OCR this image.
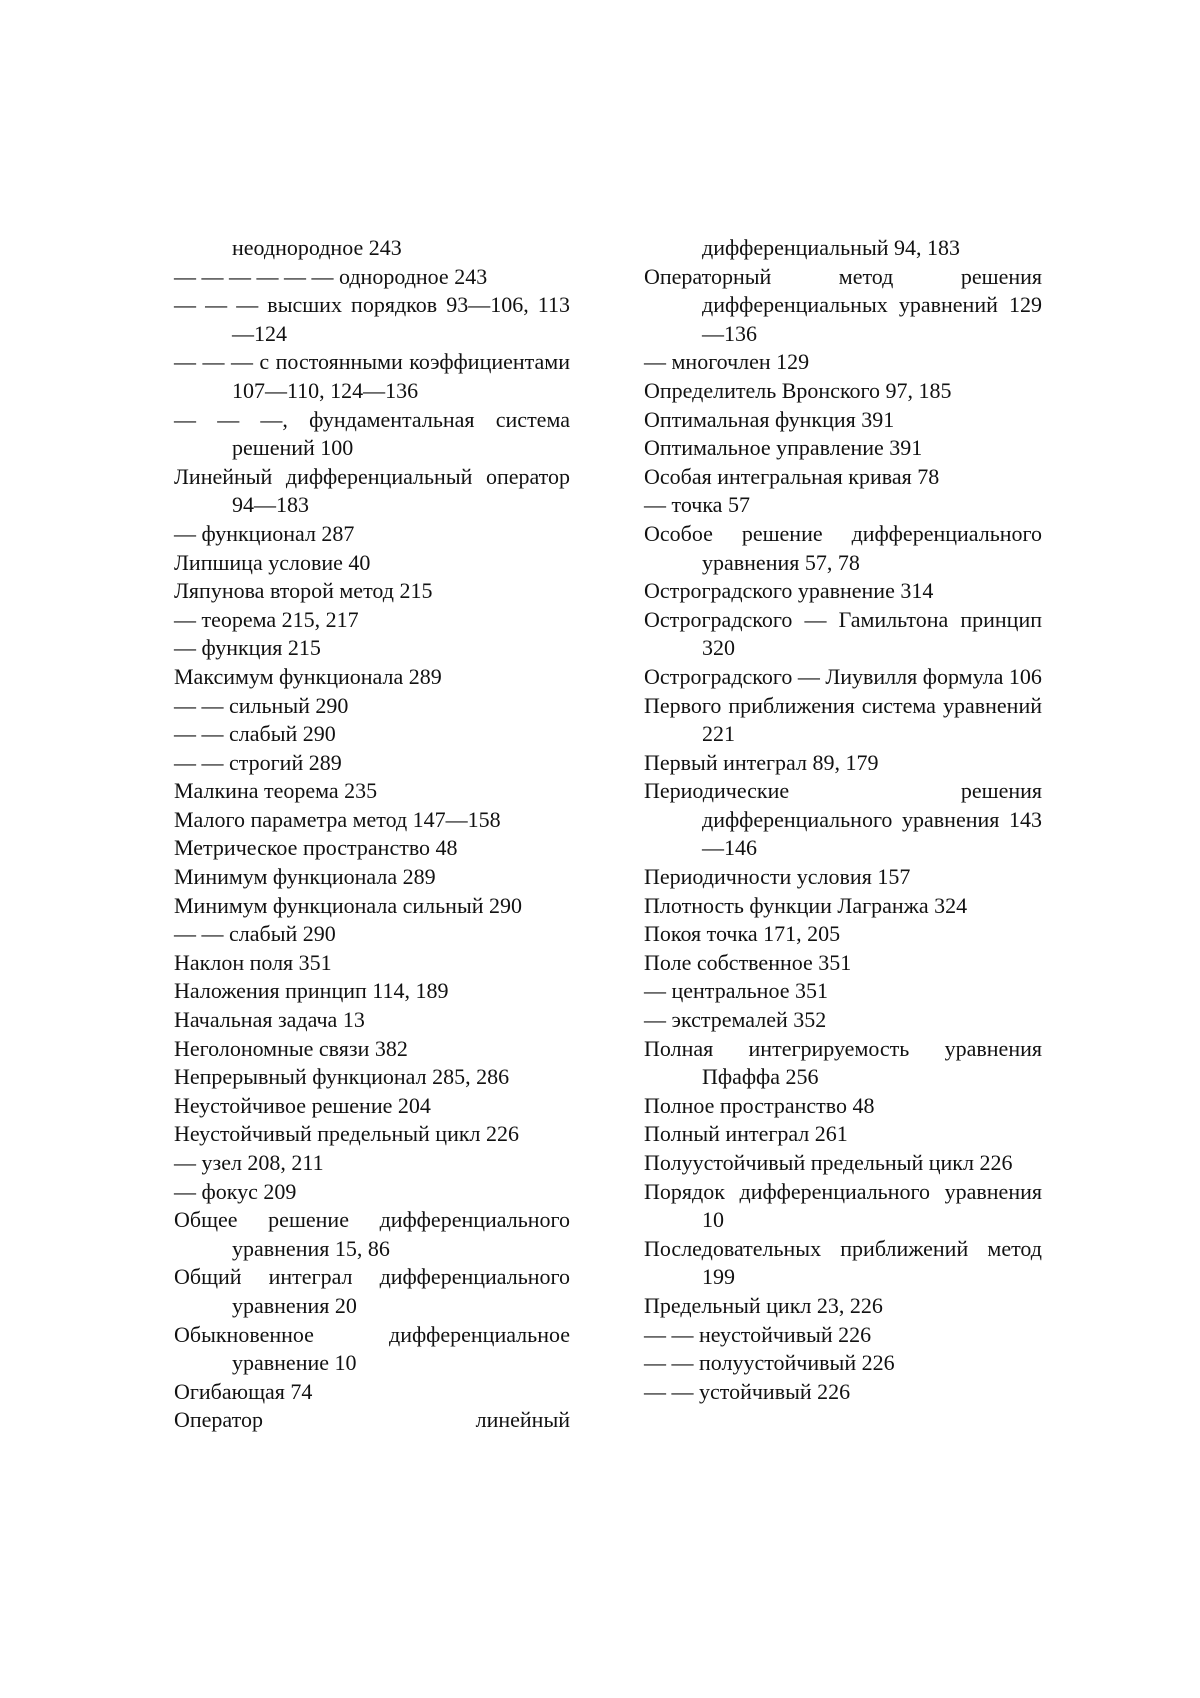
неоднородное 243

— — — — — — однородное 243

— — — высших порядков 93—106, 113—124

— — — с постоянными коэффициентами 107—110, 124—136

— — —, фундаментальная система решений 100

Линейный дифференциальный оператор 94—183

— функционал 287

Липшица условие 40

Ляпунова второй метод 215

— теорема 215, 217

— функция 215

Максимум функционала 289

— — сильный 290

— — слабый 290

— — строгий 289

Малкина теорема 235

Малого параметра метод 147—158

Метрическое пространство 48

Минимум функционала 289

Минимум функционала сильный 290

— — слабый 290

Наклон поля 351

Наложения принцип 114, 189

Начальная задача 13

Неголономные связи 382

Непрерывный функционал 285, 286

Неустойчивое решение 204

Неустойчивый предельный цикл 226

— узел 208, 211

— фокус 209

Общее решение дифференциального уравнения 15, 86

Общий интеграл дифференциального уравнения 20

Обыкновенное дифференциальное уравнение 10

Огибающая 74

Оператор линейный

дифференциальный 94, 183

Операторный метод решения дифференциальных уравнений 129—136

— многочлен 129

Определитель Вронского 97, 185

Оптимальная функция 391

Оптимальное управление 391

Особая интегральная кривая 78

— точка 57

Особое решение дифференциального уравнения 57, 78

Остроградского уравнение 314

Остроградского — Гамильтона принцип 320

Остроградского — Лиувилля формула 106

Первого приближения система уравнений 221

Первый интеграл 89, 179

Периодические решения дифференциального уравнения 143—146

Периодичности условия 157

Плотность функции Лагранжа 324

Покоя точка 171, 205

Поле собственное 351

— центральное 351

— экстремалей 352

Полная интегрируемость уравнения Пфаффа 256

Полное пространство 48

Полный интеграл 261

Полуустойчивый предельный цикл 226

Порядок дифференциального уравнения 10

Последовательных приближений метод 199

Предельный цикл 23, 226

— — неустойчивый 226

— — полуустойчивый 226

— — устойчивый 226
